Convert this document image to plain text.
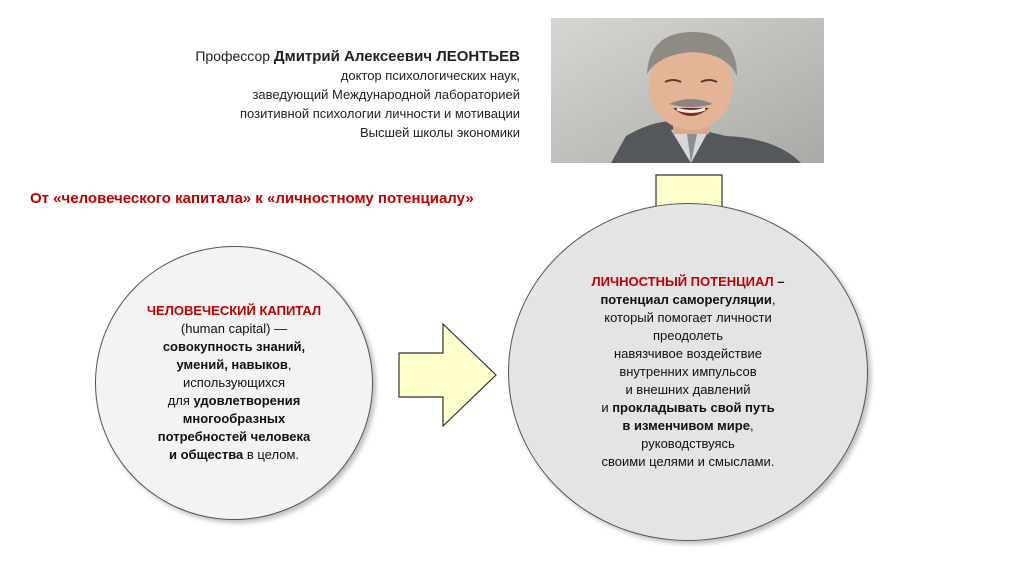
Профессор Дмитрий Алексеевич ЛЕОНТЬЕВ
доктор психологических наук,
заведующий Международной лабораторией
позитивной психологии личности и мотивации
Высшей школы экономики
От «человеческого капитала» к «личностному потенциалу»
ЧЕЛОВЕЧЕСКИЙ КАПИТАЛ
(human capital) —
совокупность знаний,
умений, навыков,
использующихся
для удовлетворения
многообразных
потребностей человека
и общества в целом.
ЛИЧНОСТНЫЙ ПОТЕНЦИАЛ –
потенциал саморегуляции,
который помогает личности
преодолеть
навязчивое воздействие
внутренних импульсов
и внешних давлений
и прокладывать свой путь
в изменчивом мире,
руководствуясь
своими целями и смыслами.
